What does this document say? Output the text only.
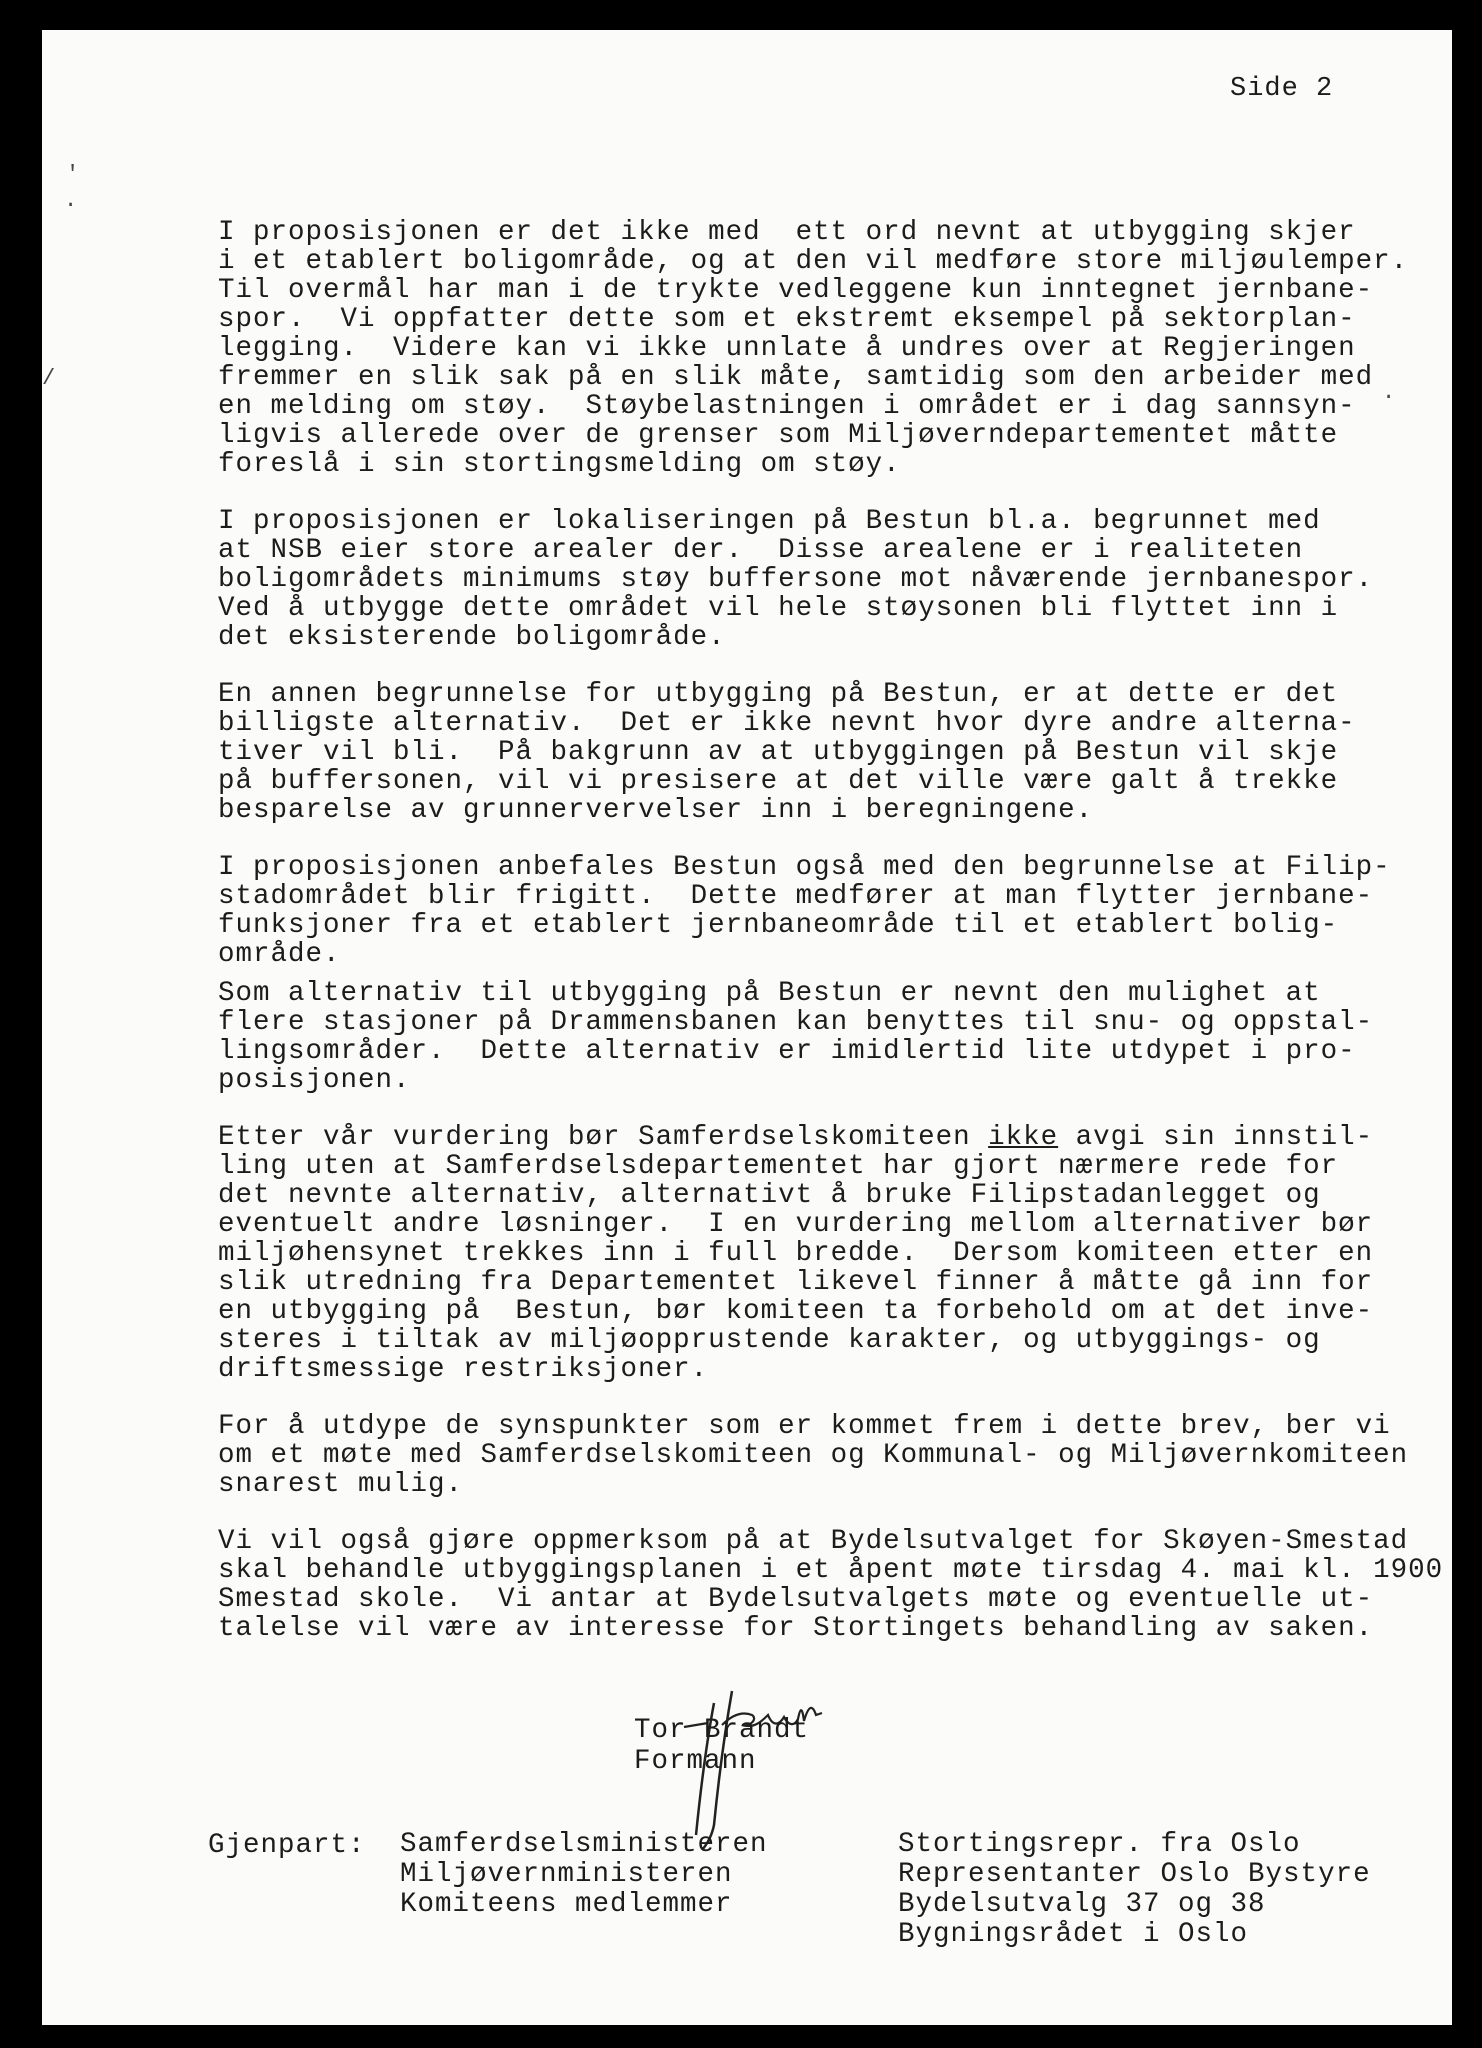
Side 2
'
.
/
.
I proposisjonen er det ikke med  ett ord nevnt at utbygging skjer
i et etablert boligområde, og at den vil medføre store miljøulemper.
Til overmål har man i de trykte vedleggene kun inntegnet jernbane-
spor.  Vi oppfatter dette som et ekstremt eksempel på sektorplan-
legging.  Videre kan vi ikke unnlate å undres over at Regjeringen
fremmer en slik sak på en slik måte, samtidig som den arbeider med
en melding om støy.  Støybelastningen i området er i dag sannsyn-
ligvis allerede over de grenser som Miljøverndepartementet måtte
foreslå i sin stortingsmelding om støy.
I proposisjonen er lokaliseringen på Bestun bl.a. begrunnet med
at NSB eier store arealer der.  Disse arealene er i realiteten
boligområdets minimums støy buffersone mot nåværende jernbanespor.
Ved å utbygge dette området vil hele støysonen bli flyttet inn i
det eksisterende boligområde.
En annen begrunnelse for utbygging på Bestun, er at dette er det
billigste alternativ.  Det er ikke nevnt hvor dyre andre alterna-
tiver vil bli.  På bakgrunn av at utbyggingen på Bestun vil skje
på buffersonen, vil vi presisere at det ville være galt å trekke
besparelse av grunnervervelser inn i beregningene.
I proposisjonen anbefales Bestun også med den begrunnelse at Filip-
stadområdet blir frigitt.  Dette medfører at man flytter jernbane-
funksjoner fra et etablert jernbaneområde til et etablert bolig-
område.
Som alternativ til utbygging på Bestun er nevnt den mulighet at
flere stasjoner på Drammensbanen kan benyttes til snu- og oppstal-
lingsområder.  Dette alternativ er imidlertid lite utdypet i pro-
posisjonen.
Etter vår vurdering bør Samferdselskomiteen ikke avgi sin innstil-
ling uten at Samferdselsdepartementet har gjort nærmere rede for
det nevnte alternativ, alternativt å bruke Filipstadanlegget og
eventuelt andre løsninger.  I en vurdering mellom alternativer bør
miljøhensynet trekkes inn i full bredde.  Dersom komiteen etter en
slik utredning fra Departementet likevel finner å måtte gå inn for
en utbygging på  Bestun, bør komiteen ta forbehold om at det inve-
steres i tiltak av miljøopprustende karakter, og utbyggings- og
driftsmessige restriksjoner.
For å utdype de synspunkter som er kommet frem i dette brev, ber vi
om et møte med Samferdselskomiteen og Kommunal- og Miljøvernkomiteen
snarest mulig.
Vi vil også gjøre oppmerksom på at Bydelsutvalget for Skøyen-Smestad
skal behandle utbyggingsplanen i et åpent møte tirsdag 4. mai kl. 1900
Smestad skole.  Vi antar at Bydelsutvalgets møte og eventuelle ut-
talelse vil være av interesse for Stortingets behandling av saken.
Tor Brandt
Formann
Gjenpart: Samferdselsministeren
Miljøvernministeren
Komiteens medlemmer
Stortingsrepr. fra Oslo
Representanter Oslo Bystyre
Bydelsutvalg 37 og 38
Bygningsrådet i Oslo
